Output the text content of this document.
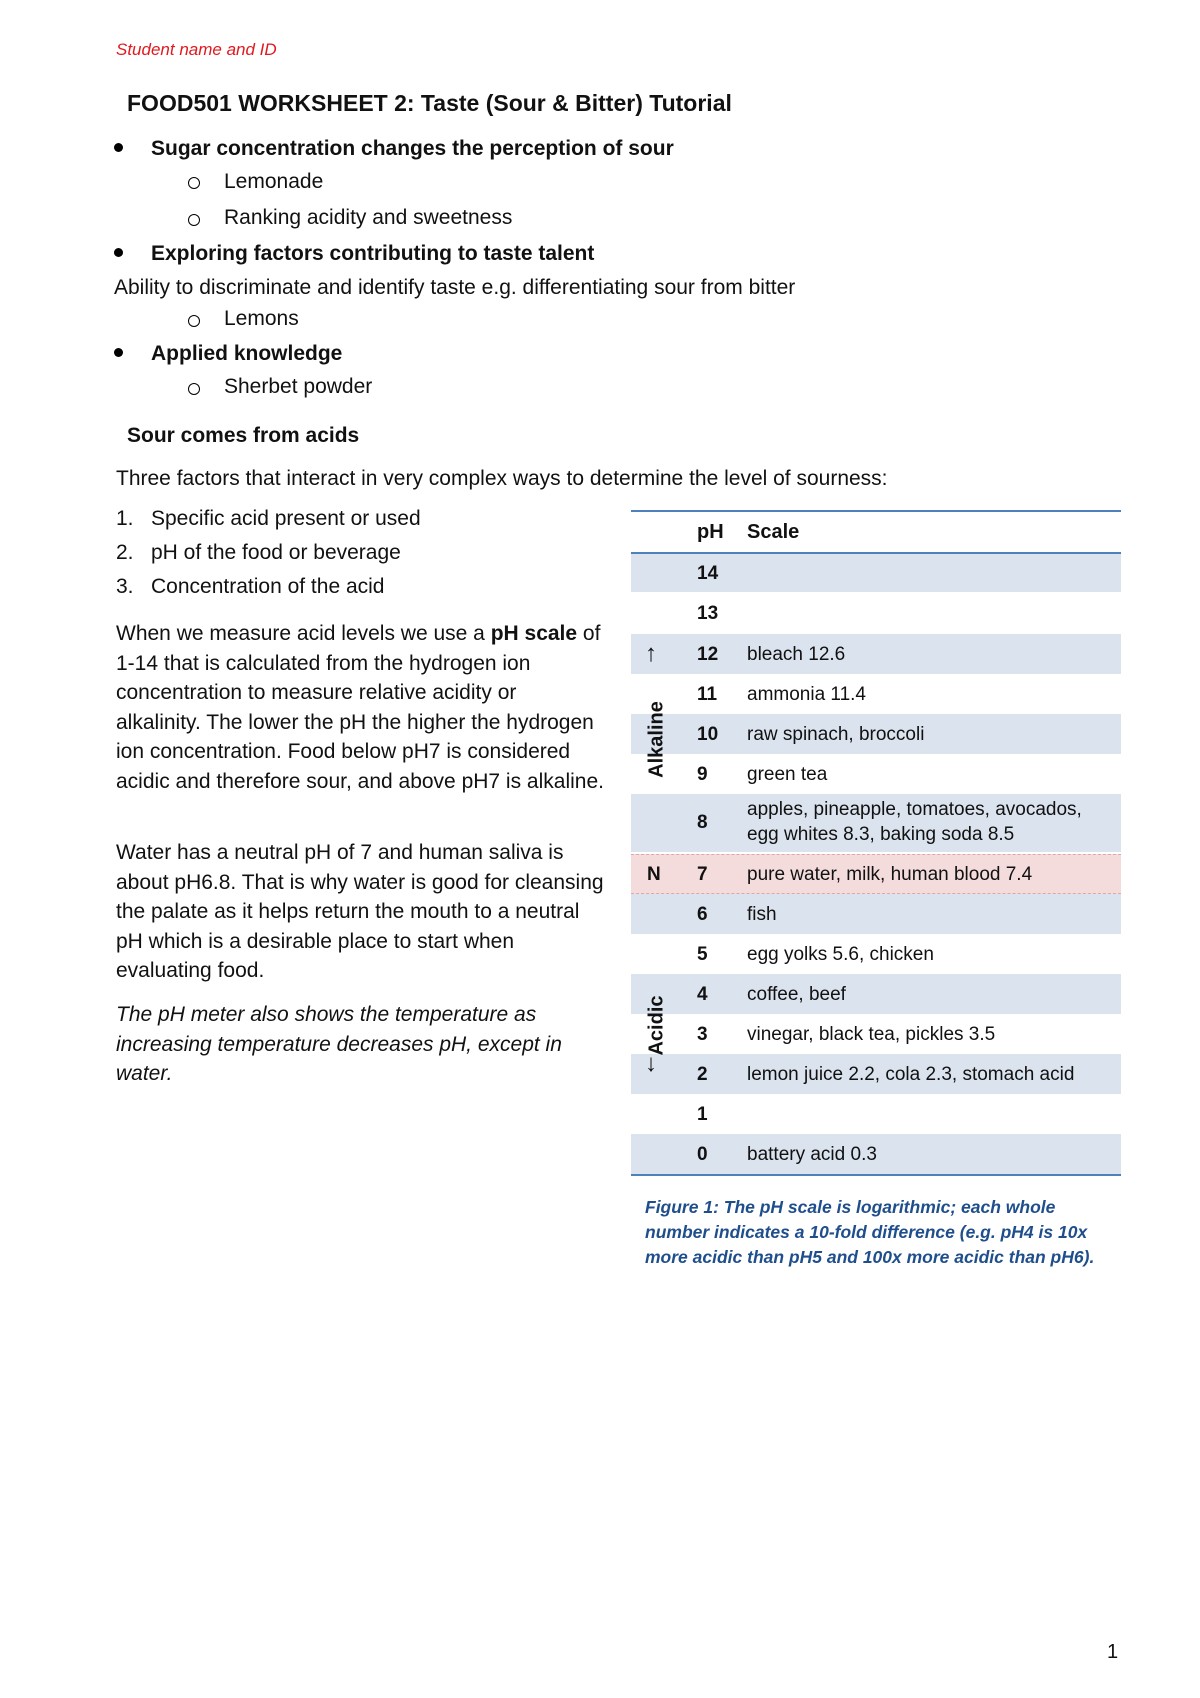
Student name and ID
FOOD501 WORKSHEET 2: Taste (Sour & Bitter) Tutorial
Sugar concentration changes the perception of sour
Lemonade
Ranking acidity and sweetness
Exploring factors contributing to taste talent
Ability to discriminate and identify taste e.g. differentiating sour from bitter
Lemons
Applied knowledge
Sherbet powder
Sour comes from acids
Three factors that interact in very complex ways to determine the level of sourness:
1. Specific acid present or used
2. pH of the food or beverage
3. Concentration of the acid

When we measure acid levels we use a pH scale of 1-14 that is calculated from the hydrogen ion concentration to measure relative acidity or alkalinity. The lower the pH the higher the hydrogen ion concentration. Food below pH7 is considered acidic and therefore sour, and above pH7 is alkaline.

Water has a neutral pH of 7 and human saliva is about pH6.8. That is why water is good for cleansing the palate as it helps return the mouth to a neutral pH which is a desirable place to start when evaluating food.

The pH meter also shows the temperature as increasing temperature decreases pH, except in water.

pH Scale
14
13
12 bleach 12.6
11 ammonia 11.4
10 raw spinach, broccoli
9 green tea
8
apples, pineapple, tomatoes, avocados,
egg whites 8.3, baking soda 8.5
7 pure water, milk, human blood 7.4
N
6 fish
5 egg yolks 5.6, chicken
4 coffee, beef
3 vinegar, black tea, pickles 3.5
2 lemon juice 2.2, cola 2.3, stomach acid
1
0 battery acid 0.3
↑
Alkaline
Acidic
↓
Figure 1: The pH scale is logarithmic; each whole number indicates a 10-fold difference (e.g. pH4 is 10x more acidic than pH5 and 100x more acidic than pH6).
1
